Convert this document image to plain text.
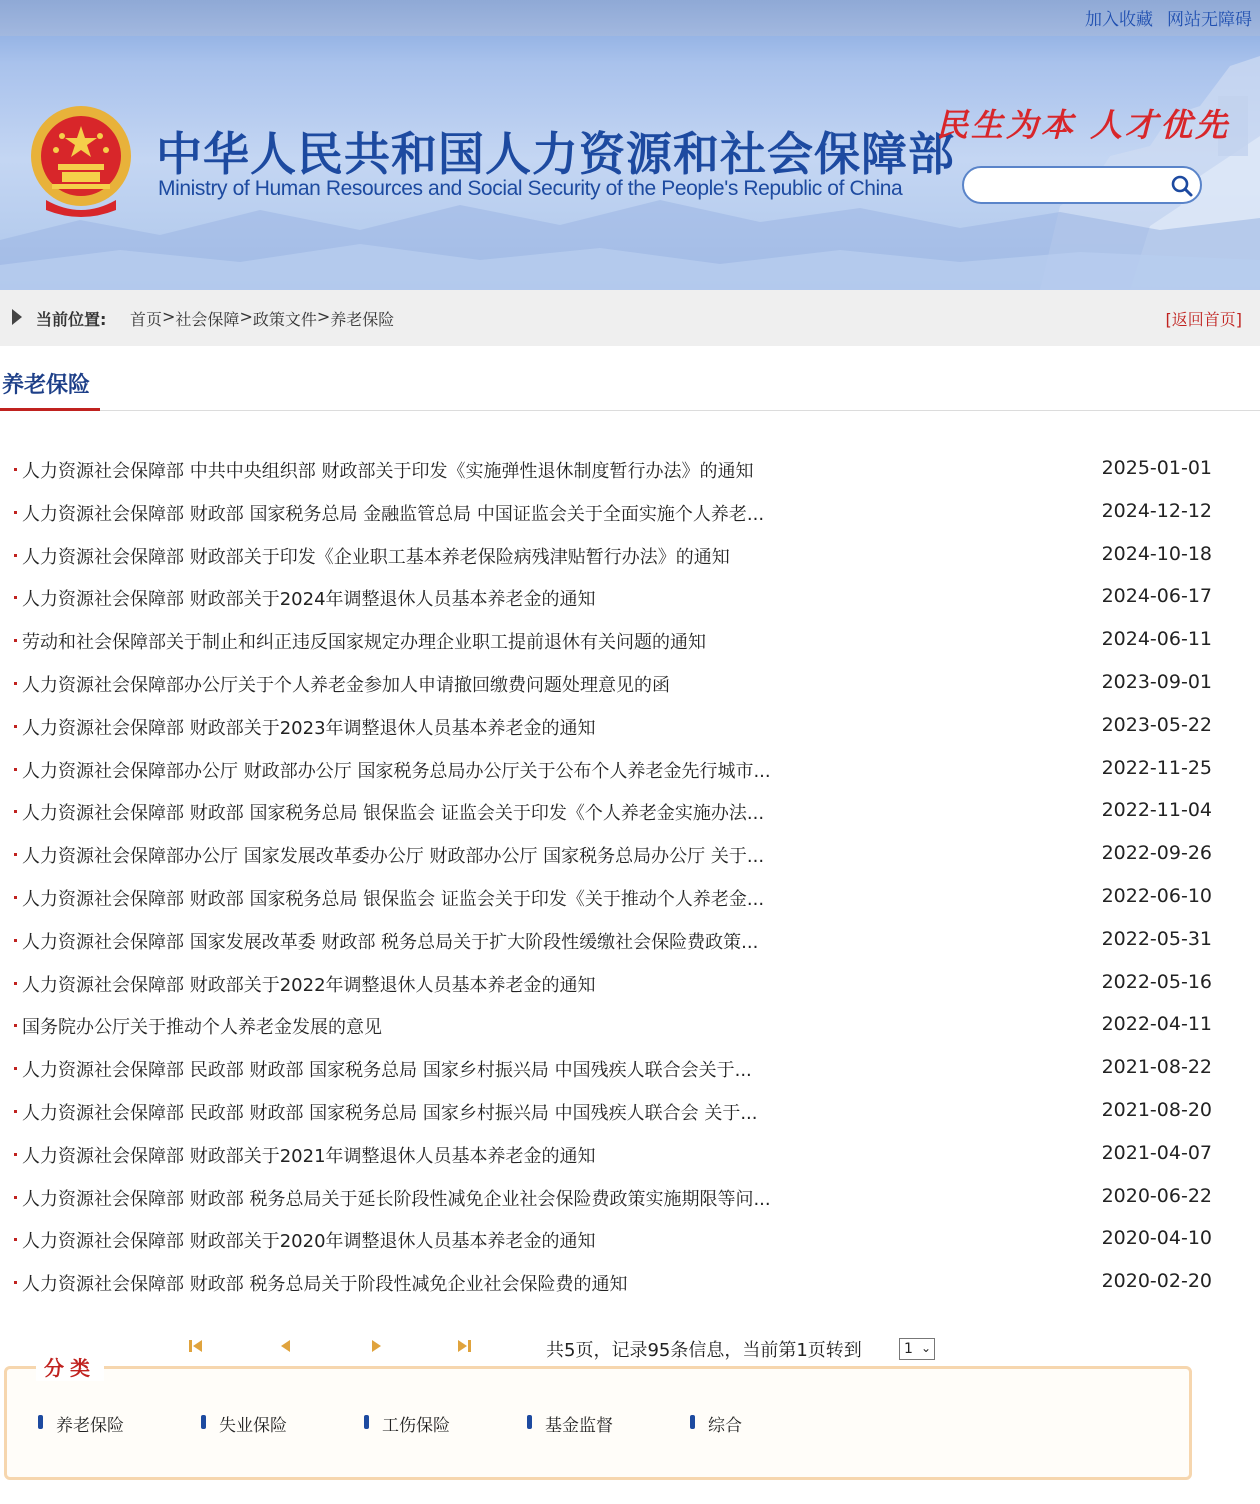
加入收藏 网站无障碍
中华人民共和国人力资源和社会保障部
Ministry of Human Resources and Social Security of the People's Republic of China
民生为本 人才优先
当前位置: 首页 > 社会保障 > 政策文件 > 养老保险	[返回首页]
养老保险
人力资源社会保障部 中共中央组织部 财政部关于印发《实施弹性退休制度暂行办法》的通知	2025-01-01
人力资源社会保障部 财政部 国家税务总局 金融监管总局 中国证监会关于全面实施个人养老...	2024-12-12
人力资源社会保障部 财政部关于印发《企业职工基本养老保险病残津贴暂行办法》的通知	2024-10-18
人力资源社会保障部 财政部关于2024年调整退休人员基本养老金的通知	2024-06-17
劳动和社会保障部关于制止和纠正违反国家规定办理企业职工提前退休有关问题的通知	2024-06-11
人力资源社会保障部办公厅关于个人养老金参加人申请撤回缴费问题处理意见的函	2023-09-01
人力资源社会保障部 财政部关于2023年调整退休人员基本养老金的通知	2023-05-22
人力资源社会保障部办公厅 财政部办公厅 国家税务总局办公厅关于公布个人养老金先行城市...	2022-11-25
人力资源社会保障部 财政部 国家税务总局 银保监会 证监会关于印发《个人养老金实施办法...	2022-11-04
人力资源社会保障部办公厅 国家发展改革委办公厅 财政部办公厅 国家税务总局办公厅 关于...	2022-09-26
人力资源社会保障部 财政部 国家税务总局 银保监会 证监会关于印发《关于推动个人养老金...	2022-06-10
人力资源社会保障部 国家发展改革委 财政部 税务总局关于扩大阶段性缓缴社会保险费政策...	2022-05-31
人力资源社会保障部 财政部关于2022年调整退休人员基本养老金的通知	2022-05-16
国务院办公厅关于推动个人养老金发展的意见	2022-04-11
人力资源社会保障部 民政部 财政部 国家税务总局 国家乡村振兴局 中国残疾人联合会关于...	2021-08-22
人力资源社会保障部 民政部 财政部 国家税务总局 国家乡村振兴局 中国残疾人联合会 关于...	2021-08-20
人力资源社会保障部 财政部关于2021年调整退休人员基本养老金的通知	2021-04-07
人力资源社会保障部 财政部 税务总局关于延长阶段性减免企业社会保险费政策实施期限等问...	2020-06-22
人力资源社会保障部 财政部关于2020年调整退休人员基本养老金的通知	2020-04-10
人力资源社会保障部 财政部 税务总局关于阶段性减免企业社会保险费的通知	2020-02-20
共5页，记录95条信息，当前第1页转到	1 ⌄
分类
养老保险	失业保险	工伤保险	基金监督	综合
